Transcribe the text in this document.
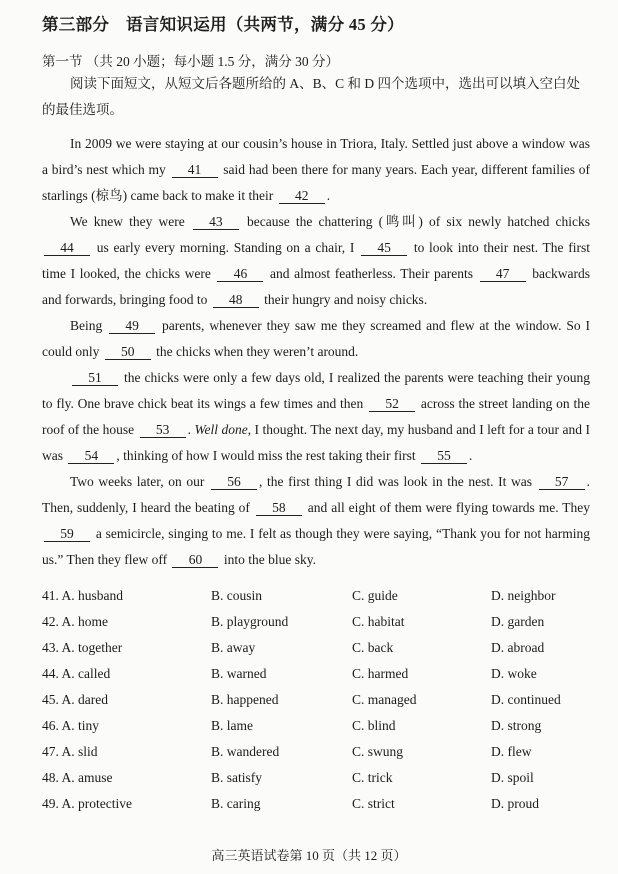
第三部分　语言知识运用（共两节，满分 45 分）
第一节 （共 20 小题；每小题 1.5 分，满分 30 分）
阅读下面短文，从短文后各题所给的 A、B、C 和 D 四个选项中，选出可以填入空白处的最佳选项。

In 2009 we were staying at our cousin’s house in Triora, Italy. Settled just above a window was a bird’s nest which my 41 said had been there for many years. Each year, different families of starlings (椋鸟) came back to make it their 42 .

We knew they were 43 because the chattering (鸣叫) of six newly hatched chicks 44 us early every morning. Standing on a chair, I 45 to look into their nest. The first time I looked, the chicks were 46 and almost featherless. Their parents 47 backwards and forwards, bringing food to 48 their hungry and noisy chicks.

Being 49 parents, whenever they saw me they screamed and flew at the window. So I could only 50 the chicks when they weren’t around.

51 the chicks were only a few days old, I realized the parents were teaching their young to fly. One brave chick beat its wings a few times and then 52 across the street landing on the roof of the house 53 . Well done, I thought. The next day, my husband and I left for a tour and I was 54 , thinking of how I would miss the rest taking their first 55 .

Two weeks later, on our 56 , the first thing I did was look in the nest. It was 57 . Then, suddenly, I heard the beating of 58 and all eight of them were flying towards me. They 59 a semicircle, singing to me. I felt as though they were saying, “Thank you for not harming us.” Then they flew off 60 into the blue sky.

41. A. husband	B. cousin	C. guide	D. neighbor
42. A. home	B. playground	C. habitat	D. garden
43. A. together	B. away	C. back	D. abroad
44. A. called	B. warned	C. harmed	D. woke
45. A. dared	B. happened	C. managed	D. continued
46. A. tiny	B. lame	C. blind	D. strong
47. A. slid	B. wandered	C. swung	D. flew
48. A. amuse	B. satisfy	C. trick	D. spoil
49. A. protective	B. caring	C. strict	D. proud
高三英语试卷第 10 页（共 12 页）
